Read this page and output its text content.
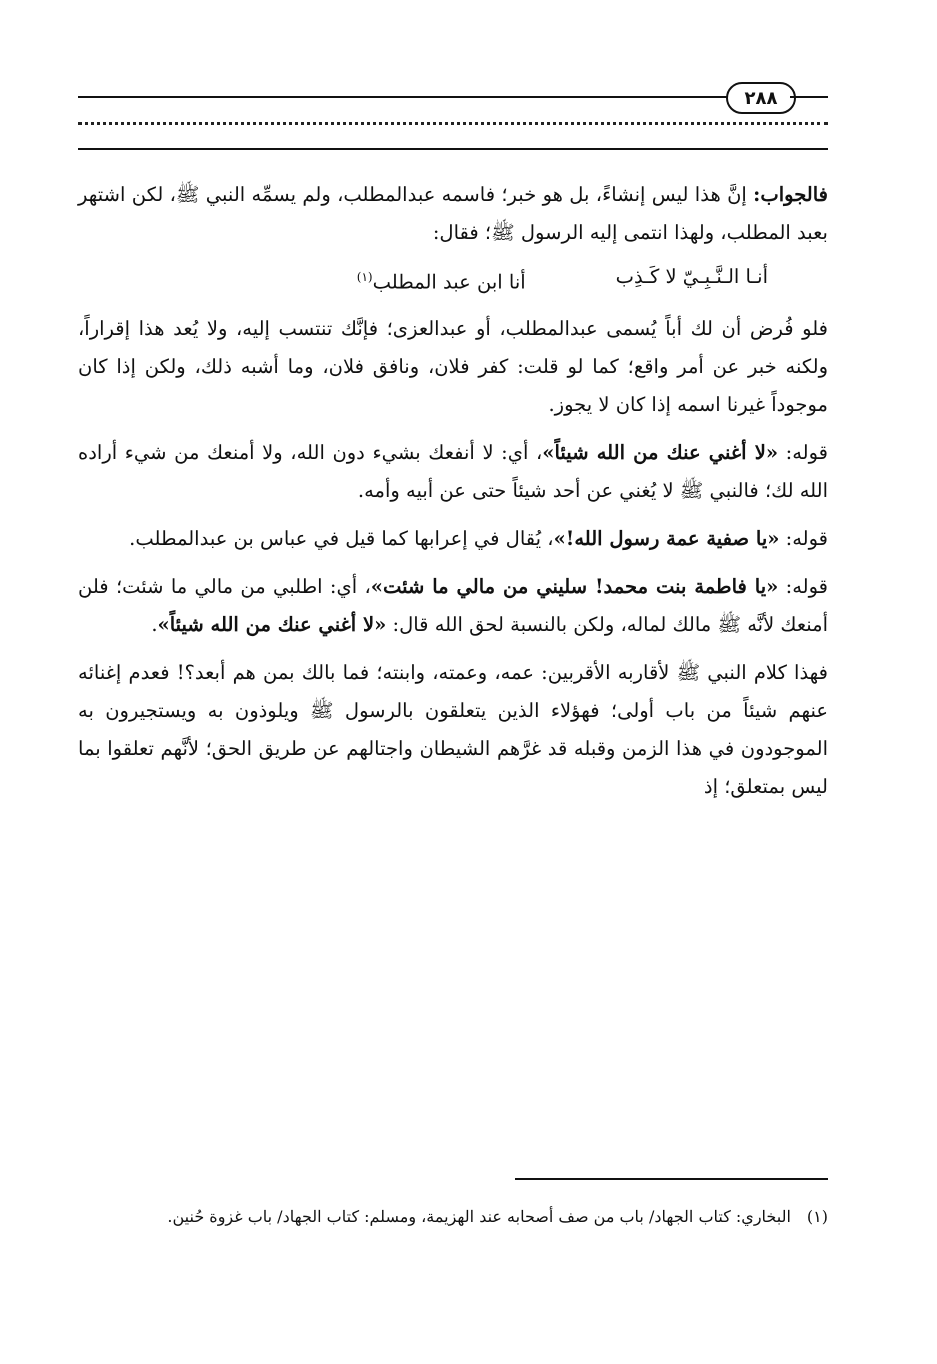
٢٨٨

فالجواب: إنَّ هذا ليس إنشاءً، بل هو خبر؛ فاسمه عبدالمطلب، ولم يسمِّه النبي ﷺ، لكن اشتهر بعبد المطلب، ولهذا انتمى إليه الرسول ﷺ؛ فقال:

أنـا الـنَّـبِـيّ لا كَـذِب
أنا ابن عبد المطلب$^{(١)}$

فلو فُرض أن لك أباً يُسمى عبدالمطلب، أو عبدالعزى؛ فإنَّك تنتسب إليه، ولا يُعد هذا إقراراً، ولكنه خبر عن أمر واقع؛ كما لو قلت: كفر فلان، ونافق فلان، وما أشبه ذلك، ولكن إذا كان موجوداً غيرنا اسمه إذا كان لا يجوز.

قوله: «لا أغني عنك من الله شيئاً»، أي: لا أنفعك بشيء دون الله، ولا أمنعك من شيء أراده الله لك؛ فالنبي ﷺ لا يُغني عن أحد شيئاً حتى عن أبيه وأمه.

قوله: «يا صفية عمة رسول الله!»، يُقال في إعرابها كما قيل في عباس بن عبدالمطلب.

قوله: «يا فاطمة بنت محمد! سليني من مالي ما شئت»، أي: اطلبي من مالي ما شئت؛ فلن أمنعك لأنَّه ﷺ مالك لماله، ولكن بالنسبة لحق الله قال: «لا أغني عنك من الله شيئاً».

فهذا كلام النبي ﷺ لأقاربه الأقربين: عمه، وعمته، وابنته؛ فما بالك بمن هم أبعد؟! فعدم إغنائه عنهم شيئاً من باب أولى؛ فهؤلاء الذين يتعلقون بالرسول ﷺ ويلوذون به ويستجيرون به الموجودون في هذا الزمن وقبله قد غرَّهم الشيطان واجتالهم عن طريق الحق؛ لأنَّهم تعلقوا بما ليس بمتعلق؛ إذ

(١)البخاري: كتاب الجهاد/ باب من صف أصحابه عند الهزيمة، ومسلم: كتاب الجهاد/ باب غزوة حُنين.
